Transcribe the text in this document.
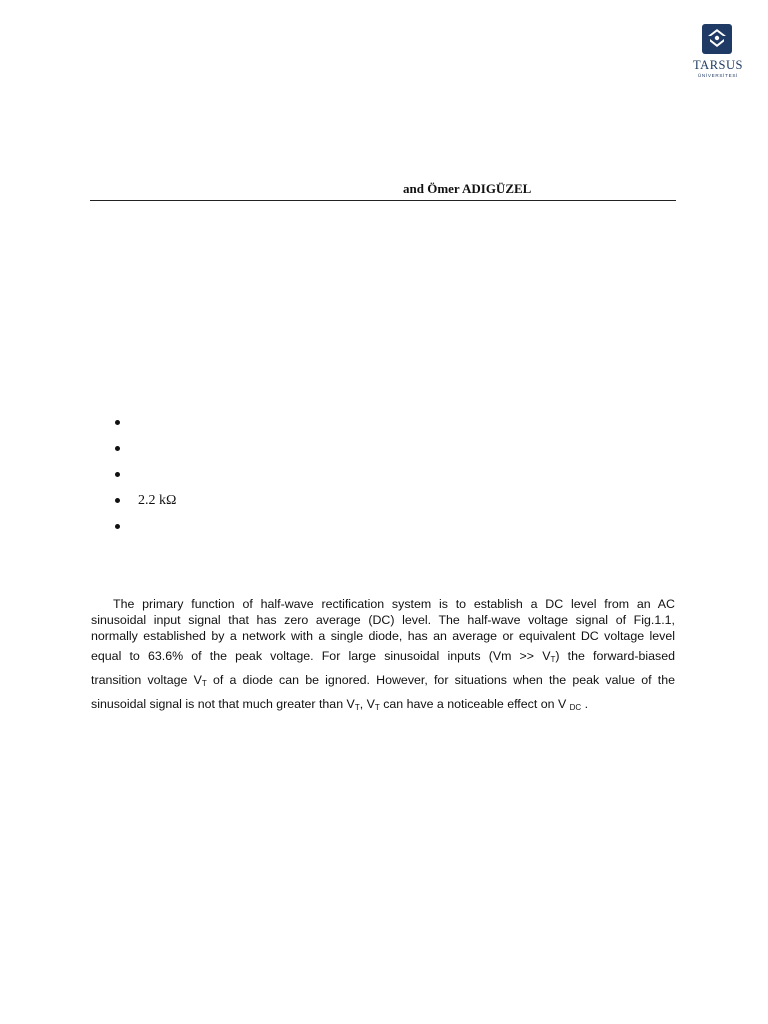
TARSUS
ÜNİVERSİTESİ
and Ömer ADIGÜZEL
2.2 kΩ
The primary function of half-wave rectification system is to establish a DC level from an AC
sinusoidal input signal that has zero average (DC) level. The half-wave voltage signal of Fig.1.1,
normally established by a network with a single diode, has an average or equivalent DC voltage level
equal to 63.6% of the peak voltage. For large sinusoidal inputs $(Vm >> V_T)$ the forward-biased
transition voltage $V_T$ of a diode can be ignored. However, for situations when the peak value of the
sinusoidal signal is not that much greater than $V_T$, $V_T$ can have a noticeable effect on V $_{DC}$ .
